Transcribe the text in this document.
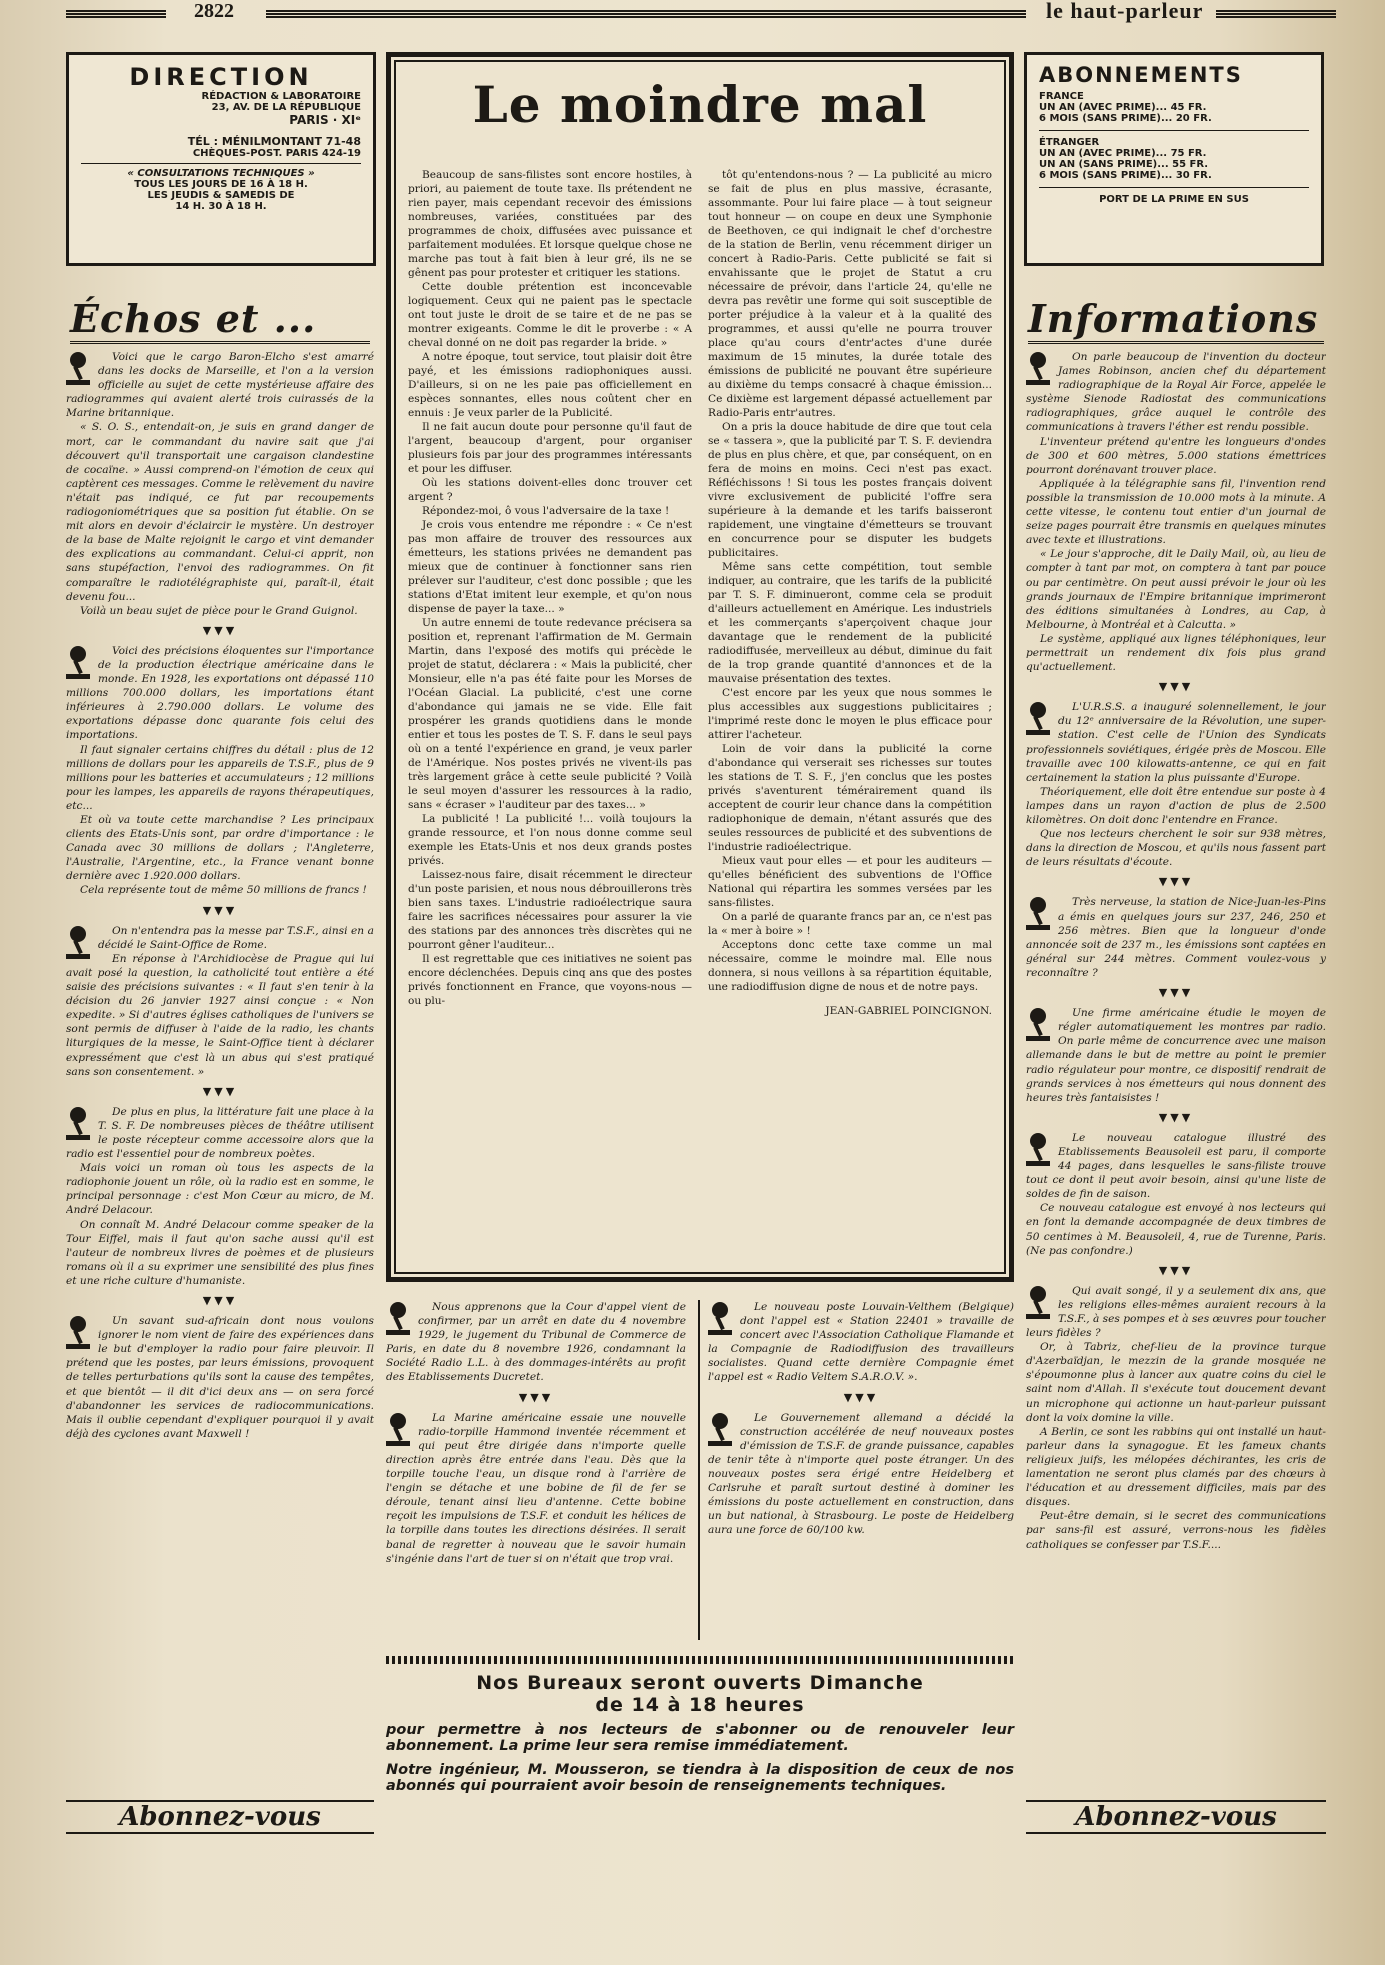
2822	le haut-parleur
DIRECTION

RÉDACTION & LABORATOIRE

23, AV. DE LA RÉPUBLIQUE

PARIS · XIᵉ

TÉL : MÉNILMONTANT 71-48

CHÈQUES-POST. PARIS 424-19

« CONSULTATIONS TECHNIQUES »

TOUS LES JOURS DE 16 À 18 H.

LES JEUDIS & SAMEDIS DE

14 H. 30 À 18 H.

ABONNEMENTS

FRANCE

UN AN (AVEC PRIME)... 45 FR.

6 MOIS (SANS PRIME)... 20 FR.

ÉTRANGER

UN AN (AVEC PRIME)... 75 FR.

UN AN (SANS PRIME)... 55 FR.

6 MOIS (SANS PRIME)... 30 FR.

PORT DE LA PRIME EN SUS

Le moindre mal

Beaucoup de sans-filistes sont encore hostiles, à priori, au paiement de toute taxe. Ils prétendent ne rien payer, mais cependant recevoir des émissions nombreuses, variées, constituées par des programmes de choix, diffusées avec puissance et parfaitement modulées. Et lorsque quelque chose ne marche pas tout à fait bien à leur gré, ils ne se gênent pas pour protester et critiquer les stations.

Cette double prétention est inconcevable logiquement. Ceux qui ne paient pas le spectacle ont tout juste le droit de se taire et de ne pas se montrer exigeants. Comme le dit le proverbe : « A cheval donné on ne doit pas regarder la bride. »

A notre époque, tout service, tout plaisir doit être payé, et les émissions radiophoniques aussi. D'ailleurs, si on ne les paie pas officiellement en espèces sonnantes, elles nous coûtent cher en ennuis : Je veux parler de la Publicité.

Il ne fait aucun doute pour personne qu'il faut de l'argent, beaucoup d'argent, pour organiser plusieurs fois par jour des programmes intéressants et pour les diffuser.

Où les stations doivent-elles donc trouver cet argent ?

Répondez-moi, ô vous l'adversaire de la taxe !

Je crois vous entendre me répondre : « Ce n'est pas mon affaire de trouver des ressources aux émetteurs, les stations privées ne demandent pas mieux que de continuer à fonctionner sans rien prélever sur l'auditeur, c'est donc possible ; que les stations d'Etat imitent leur exemple, et qu'on nous dispense de payer la taxe... »

Un autre ennemi de toute redevance précisera sa position et, reprenant l'affirmation de M. Germain Martin, dans l'exposé des motifs qui précède le projet de statut, déclarera : « Mais la publicité, cher Monsieur, elle n'a pas été faite pour les Morses de l'Océan Glacial. La publicité, c'est une corne d'abondance qui jamais ne se vide. Elle fait prospérer les grands quotidiens dans le monde entier et tous les postes de T. S. F. dans le seul pays où on a tenté l'expérience en grand, je veux parler de l'Amérique. Nos postes privés ne vivent-ils pas très largement grâce à cette seule publicité ? Voilà le seul moyen d'assurer les ressources à la radio, sans « écraser » l'auditeur par des taxes... »

La publicité ! La publicité !... voilà toujours la grande ressource, et l'on nous donne comme seul exemple les Etats-Unis et nos deux grands postes privés.

Laissez-nous faire, disait récemment le directeur d'un poste parisien, et nous nous débrouillerons très bien sans taxes. L'industrie radioélectrique saura faire les sacrifices nécessaires pour assurer la vie des stations par des annonces très discrètes qui ne pourront gêner l'auditeur...

Il est regrettable que ces initiatives ne soient pas encore déclenchées. Depuis cinq ans que des postes privés fonctionnent en France, que voyons-nous — ou plu-

tôt qu'entendons-nous ? — La publicité au micro se fait de plus en plus massive, écrasante, assommante. Pour lui faire place — à tout seigneur tout honneur — on coupe en deux une Symphonie de Beethoven, ce qui indignait le chef d'orchestre de la station de Berlin, venu récemment diriger un concert à Radio-Paris. Cette publicité se fait si envahissante que le projet de Statut a cru nécessaire de prévoir, dans l'article 24, qu'elle ne devra pas revêtir une forme qui soit susceptible de porter préjudice à la valeur et à la qualité des programmes, et aussi qu'elle ne pourra trouver place qu'au cours d'entr'actes d'une durée maximum de 15 minutes, la durée totale des émissions de publicité ne pouvant être supérieure au dixième du temps consacré à chaque émission... Ce dixième est largement dépassé actuellement par Radio-Paris entr'autres.

On a pris la douce habitude de dire que tout cela se « tassera », que la publicité par T. S. F. deviendra de plus en plus chère, et que, par conséquent, on en fera de moins en moins. Ceci n'est pas exact. Réfléchissons ! Si tous les postes français doivent vivre exclusivement de publicité l'offre sera supérieure à la demande et les tarifs baisseront rapidement, une vingtaine d'émetteurs se trouvant en concurrence pour se disputer les budgets publicitaires.

Même sans cette compétition, tout semble indiquer, au contraire, que les tarifs de la publicité par T. S. F. diminueront, comme cela se produit d'ailleurs actuellement en Amérique. Les industriels et les commerçants s'aperçoivent chaque jour davantage que le rendement de la publicité radiodiffusée, merveilleux au début, diminue du fait de la trop grande quantité d'annonces et de la mauvaise présentation des textes.

C'est encore par les yeux que nous sommes le plus accessibles aux suggestions publicitaires ; l'imprimé reste donc le moyen le plus efficace pour attirer l'acheteur.

Loin de voir dans la publicité la corne d'abondance qui verserait ses richesses sur toutes les stations de T. S. F., j'en conclus que les postes privés s'aventurent témérairement quand ils acceptent de courir leur chance dans la compétition radiophonique de demain, n'étant assurés que des seules ressources de publicité et des subventions de l'industrie radioélectrique.

Mieux vaut pour elles — et pour les auditeurs — qu'elles bénéficient des subventions de l'Office National qui répartira les sommes versées par les sans-filistes.

On a parlé de quarante francs par an, ce n'est pas la « mer à boire » !

Acceptons donc cette taxe comme un mal nécessaire, comme le moindre mal. Elle nous donnera, si nous veillons à sa répartition équitable, une radiodiffusion digne de nous et de notre pays.

JEAN-GABRIEL POINCIGNON.

Échos et ...

Voici que le cargo Baron-Elcho s'est amarré dans les docks de Marseille, et l'on a la version officielle au sujet de cette mystérieuse affaire des radiogrammes qui avaient alerté trois cuirassés de la Marine britannique.

« S. O. S., entendait-on, je suis en grand danger de mort, car le commandant du navire sait que j'ai découvert qu'il transportait une cargaison clandestine de cocaïne. » Aussi comprend-on l'émotion de ceux qui captèrent ces messages. Comme le relèvement du navire n'était pas indiqué, ce fut par recoupements radiogoniométriques que sa position fut établie. On se mit alors en devoir d'éclaircir le mystère. Un destroyer de la base de Malte rejoignit le cargo et vint demander des explications au commandant. Celui-ci apprit, non sans stupéfaction, l'envoi des radiogrammes. On fit comparaître le radiotélégraphiste qui, paraît-il, était devenu fou...

Voilà un beau sujet de pièce pour le Grand Guignol.

▼▼▼

Voici des précisions éloquentes sur l'importance de la production électrique américaine dans le monde. En 1928, les exportations ont dépassé 110 millions 700.000 dollars, les importations étant inférieures à 2.790.000 dollars. Le volume des exportations dépasse donc quarante fois celui des importations.

Il faut signaler certains chiffres du détail : plus de 12 millions de dollars pour les appareils de T.S.F., plus de 9 millions pour les batteries et accumulateurs ; 12 millions pour les lampes, les appareils de rayons thérapeutiques, etc...

Et où va toute cette marchandise ? Les principaux clients des Etats-Unis sont, par ordre d'importance : le Canada avec 30 millions de dollars ; l'Angleterre, l'Australie, l'Argentine, etc., la France venant bonne dernière avec 1.920.000 dollars.

Cela représente tout de même 50 millions de francs !

▼▼▼

On n'entendra pas la messe par T.S.F., ainsi en a décidé le Saint-Office de Rome.

En réponse à l'Archidiocèse de Prague qui lui avait posé la question, la catholicité tout entière a été saisie des précisions suivantes : « Il faut s'en tenir à la décision du 26 janvier 1927 ainsi conçue : « Non expedite. » Si d'autres églises catholiques de l'univers se sont permis de diffuser à l'aide de la radio, les chants liturgiques de la messe, le Saint-Office tient à déclarer expressément que c'est là un abus qui s'est pratiqué sans son consentement. »

▼▼▼

De plus en plus, la littérature fait une place à la T. S. F. De nombreuses pièces de théâtre utilisent le poste récepteur comme accessoire alors que la radio est l'essentiel pour de nombreux poètes.

Mais voici un roman où tous les aspects de la radiophonie jouent un rôle, où la radio est en somme, le principal personnage : c'est Mon Cœur au micro, de M. André Delacour.

On connaît M. André Delacour comme speaker de la Tour Eiffel, mais il faut qu'on sache aussi qu'il est l'auteur de nombreux livres de poèmes et de plusieurs romans où il a su exprimer une sensibilité des plus fines et une riche culture d'humaniste.

▼▼▼

Un savant sud-africain dont nous voulons ignorer le nom vient de faire des expériences dans le but d'employer la radio pour faire pleuvoir. Il prétend que les postes, par leurs émissions, provoquent de telles perturbations qu'ils sont la cause des tempêtes, et que bientôt — il dit d'ici deux ans — on sera forcé d'abandonner les services de radiocommunications. Mais il oublie cependant d'expliquer pourquoi il y avait déjà des cyclones avant Maxwell !

Abonnez-vous
Informations

On parle beaucoup de l'invention du docteur James Robinson, ancien chef du département radiographique de la Royal Air Force, appelée le système Sienode Radiostat des communications radiographiques, grâce auquel le contrôle des communications à travers l'éther est rendu possible.

L'inventeur prétend qu'entre les longueurs d'ondes de 300 et 600 mètres, 5.000 stations émettrices pourront dorénavant trouver place.

Appliquée à la télégraphie sans fil, l'invention rend possible la transmission de 10.000 mots à la minute. A cette vitesse, le contenu tout entier d'un journal de seize pages pourrait être transmis en quelques minutes avec texte et illustrations.

« Le jour s'approche, dit le Daily Mail, où, au lieu de compter à tant par mot, on comptera à tant par pouce ou par centimètre. On peut aussi prévoir le jour où les grands journaux de l'Empire britannique imprimeront des éditions simultanées à Londres, au Cap, à Melbourne, à Montréal et à Calcutta. »

Le système, appliqué aux lignes téléphoniques, leur permettrait un rendement dix fois plus grand qu'actuellement.

▼▼▼

L'U.R.S.S. a inauguré solennellement, le jour du 12ᵉ anniversaire de la Révolution, une super-station. C'est celle de l'Union des Syndicats professionnels soviétiques, érigée près de Moscou. Elle travaille avec 100 kilowatts-antenne, ce qui en fait certainement la station la plus puissante d'Europe.

Théoriquement, elle doit être entendue sur poste à 4 lampes dans un rayon d'action de plus de 2.500 kilomètres. On doit donc l'entendre en France.

Que nos lecteurs cherchent le soir sur 938 mètres, dans la direction de Moscou, et qu'ils nous fassent part de leurs résultats d'écoute.

▼▼▼

Très nerveuse, la station de Nice-Juan-les-Pins a émis en quelques jours sur 237, 246, 250 et 256 mètres. Bien que la longueur d'onde annoncée soit de 237 m., les émissions sont captées en général sur 244 mètres. Comment voulez-vous y reconnaître ?

▼▼▼

Une firme américaine étudie le moyen de régler automatiquement les montres par radio. On parle même de concurrence avec une maison allemande dans le but de mettre au point le premier radio régulateur pour montre, ce dispositif rendrait de grands services à nos émetteurs qui nous donnent des heures très fantaisistes !

▼▼▼

Le nouveau catalogue illustré des Etablissements Beausoleil est paru, il comporte 44 pages, dans lesquelles le sans-filiste trouve tout ce dont il peut avoir besoin, ainsi qu'une liste de soldes de fin de saison.

Ce nouveau catalogue est envoyé à nos lecteurs qui en font la demande accompagnée de deux timbres de 50 centimes à M. Beausoleil, 4, rue de Turenne, Paris. (Ne pas confondre.)

▼▼▼

Qui avait songé, il y a seulement dix ans, que les religions elles-mêmes auraient recours à la T.S.F., à ses pompes et à ses œuvres pour toucher leurs fidèles ?

Or, à Tabriz, chef-lieu de la province turque d'Azerbaïdjan, le mezzin de la grande mosquée ne s'époumonne plus à lancer aux quatre coins du ciel le saint nom d'Allah. Il s'exécute tout doucement devant un microphone qui actionne un haut-parleur puissant dont la voix domine la ville.

A Berlin, ce sont les rabbins qui ont installé un haut-parleur dans la synagogue. Et les fameux chants religieux juifs, les mélopées déchirantes, les cris de lamentation ne seront plus clamés par des chœurs à l'éducation et au dressement difficiles, mais par des disques.

Peut-être demain, si le secret des communications par sans-fil est assuré, verrons-nous les fidèles catholiques se confesser par T.S.F....

Abonnez-vous

Nous apprenons que la Cour d'appel vient de confirmer, par un arrêt en date du 4 novembre 1929, le jugement du Tribunal de Commerce de Paris, en date du 8 novembre 1926, condamnant la Société Radio L.L. à des dommages-intérêts au profit des Etablissements Ducretet.

▼▼▼

La Marine américaine essaie une nouvelle radio-torpille Hammond inventée récemment et qui peut être dirigée dans n'importe quelle direction après être entrée dans l'eau. Dès que la torpille touche l'eau, un disque rond à l'arrière de l'engin se détache et une bobine de fil de fer se déroule, tenant ainsi lieu d'antenne. Cette bobine reçoit les impulsions de T.S.F. et conduit les hélices de la torpille dans toutes les directions désirées. Il serait banal de regretter à nouveau que le savoir humain s'ingénie dans l'art de tuer si on n'était que trop vrai.

Le nouveau poste Louvain-Velthem (Belgique) dont l'appel est « Station 22401 » travaille de concert avec l'Association Catholique Flamande et la Compagnie de Radiodiffusion des travailleurs socialistes. Quand cette dernière Compagnie émet l'appel est « Radio Veltem S.A.R.O.V. ».

▼▼▼

Le Gouvernement allemand a décidé la construction accélérée de neuf nouveaux postes d'émission de T.S.F. de grande puissance, capables de tenir tête à n'importe quel poste étranger. Un des nouveaux postes sera érigé entre Heidelberg et Carlsruhe et paraît surtout destiné à dominer les émissions du poste actuellement en construction, dans un but national, à Strasbourg. Le poste de Heidelberg aura une force de 60/100 kw.

Nos Bureaux seront ouverts Dimanche
de 14 à 18 heures
pour permettre à nos lecteurs de s'abonner ou de renouveler leur abonnement. La prime leur sera remise immédiatement.
Notre ingénieur, M. Mousseron, se tiendra à la disposition de ceux de nos abonnés qui pourraient avoir besoin de renseignements techniques.
